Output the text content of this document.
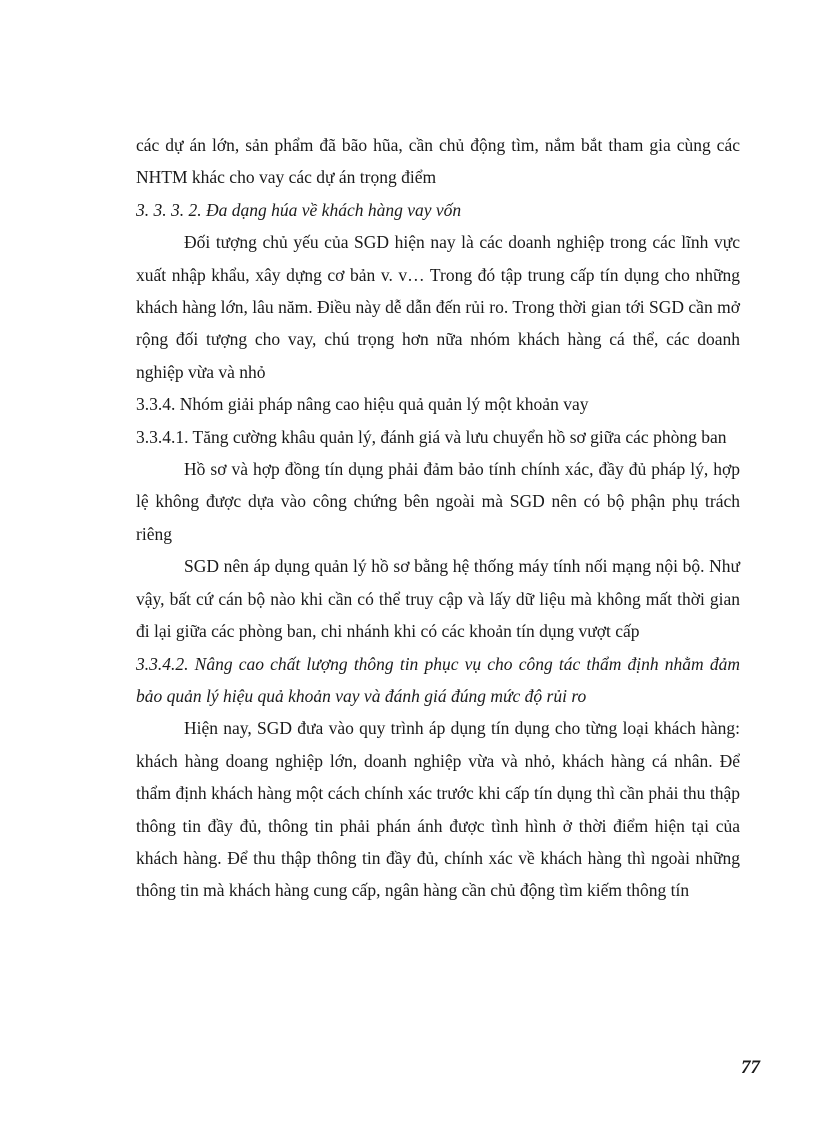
các dự án lớn, sản phẩm đã bão hũa, cần chủ động tìm, nắm bắt tham gia cùng các NHTM khác cho vay các dự án trọng điểm

3. 3. 3. 2. Đa dạng húa về khách hàng vay vốn

Đối tượng chủ yếu của SGD hiện nay là các doanh nghiệp trong các lĩnh vực xuất nhập khẩu, xây dựng cơ bản v. v… Trong đó tập trung cấp tín dụng cho những khách hàng lớn, lâu năm. Điều này dễ dẫn đến rủi ro. Trong thời gian tới SGD cần mở rộng đối tượng cho vay, chú trọng hơn nữa nhóm khách hàng cá thể, các doanh nghiệp vừa và nhỏ

3.3.4. Nhóm giải pháp nâng cao hiệu quả quản lý một khoản vay

3.3.4.1. Tăng cường khâu quản lý, đánh giá và lưu chuyển hồ sơ giữa các phòng ban

Hồ sơ và hợp đồng tín dụng phải đảm bảo tính chính xác, đầy đủ pháp lý, hợp lệ không được dựa vào công chứng bên ngoài mà SGD nên có bộ phận phụ trách riêng

SGD nên áp dụng quản lý hồ sơ bằng hệ thống máy tính nối mạng nội bộ. Như vậy, bất cứ cán bộ nào khi cần có thể truy cập và lấy dữ liệu mà không mất thời gian đi lại giữa các phòng ban, chi nhánh khi có các khoản tín dụng vượt cấp

3.3.4.2. Nâng cao chất lượng thông tin phục vụ cho công tác thẩm định nhằm đảm bảo quản lý hiệu quả khoản vay và đánh giá đúng mức độ rủi ro

Hiện nay, SGD đưa vào quy trình áp dụng tín dụng cho từng loại khách hàng: khách hàng doang nghiệp lớn, doanh nghiệp vừa và nhỏ, khách hàng cá nhân. Để thẩm định khách hàng một cách chính xác trước khi cấp tín dụng thì cần phải thu thập thông tin đầy đủ, thông tin phải phán ánh được tình hình ở thời điểm hiện tại của khách hàng. Để thu thập thông tin đầy đủ, chính xác về khách hàng thì ngoài những thông tin mà khách hàng cung cấp, ngân hàng cần chủ động tìm kiếm thông tín

77
